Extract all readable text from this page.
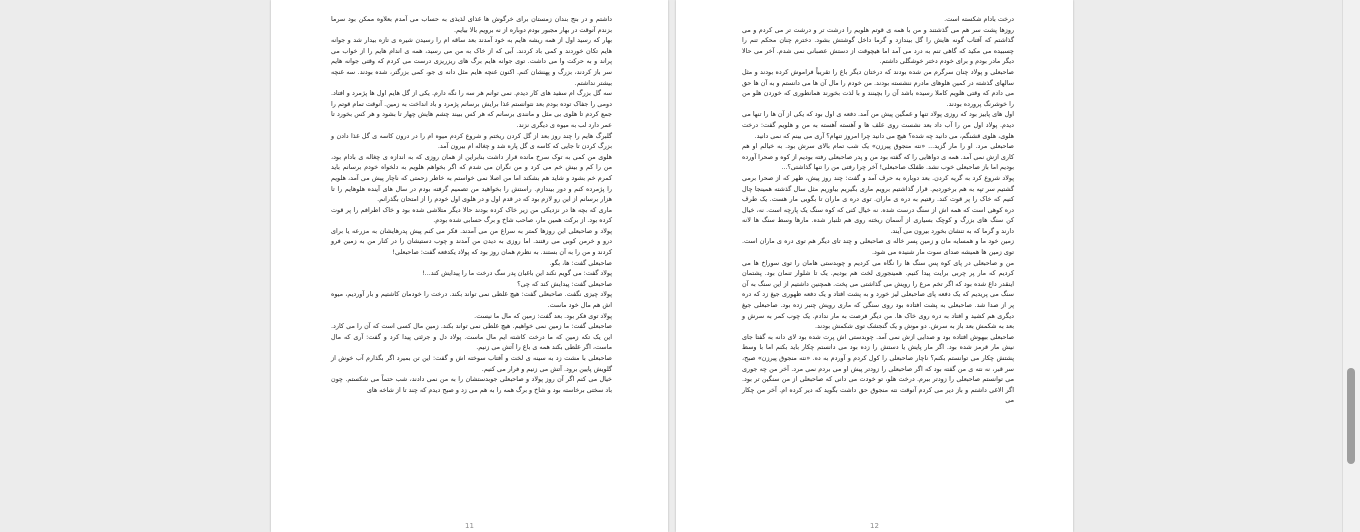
داشتم و در بنج بندان زمستان برای خرگوش ها غذای لذیذی به حساب می آمدم بعلاوه ممکن بود سرما بزندم آنوقت در بهار مجبور بودم دوباره از نه برویم بالا بیایم.
بهار که رسید اول از همه ریشه هایم به خود آمدند بعد ساقه ام را رسیدن شیره ی تازه بیدار شد و جوانه هایم تکان خوردند و کمی باد کردند. آبی که از خاک به من می رسید، همه ی اندام هایم را از خواب می پراند و به حرکت وا می داشت. توی جوانه هایم برگ های ریزریزی درست می کردم که وقتی جوانه هایم سر باز کردند، بزرگ و پهنشان کنم. اکنون غنچه هایم مثل دانه ی جو، کمی بزرگتر، شده بودند. سه غنچه بیشتر نداشتم.
سه گل بزرگ ام سفید های کار دیدم. نمی توانم هر سه را نگه دارم. یکی از گل هایم اول ها پژمرد و افتاد. دومی را جفاک توده بودم بعد نتوانستم غذا برایش برسانم پژمرد و باد انداخت به زمین. آنوقت تمام قوتم را جمع کردم تا هلوی بی مثل و مانندی برسانم که هر کس ببیند چشم هایش چهار تا بشود و هر کس بخورد تا عمر دارد لب به میوه ی دیگری نزند.
گلبرگ هایم را چند روز بعد از گل کردن ریختم و شروع کردم میوه ام را در درون کاسه ی گل غذا دادن و بزرگ کردن تا جایی که کاسه ی گل پاره شد و چغاله ام بیرون آمد.
هلوی من کمی به توک سرخ مانده قرار داشت بنابراین از همان روزی که به اندازه ی چغاله ی بادام بود، من را کم و بیش خم می کرد و من نگران می شدم که اگر بخواهم هلویم به دلخواه خودم برسانم باید کمرم خم بشود و شاید هم بشکند اما من اصلا نمی خواستم به خاطر زحمتی که ناچار پیش می آمد، هلویم را پژمرده کنم و دور بیندازم. راستش را بخواهید من تصمیم گرفته بودم در سال های آینده هلوهایم را تا هزار برسانم از این رو لازم بود که در قدم اول و در هلوی اول خودم را از امتحان بگذرانم.
ماری که بچه ها در نزدیکی من زیر خاک کرده بودند حالا دیگر متلاشی شده بود و خاک اطرافم را پر قوت کرده بود. از برکت همین مار، صاحب شاخ و برگ حسابی شده بودم.
پولاد و صاحبعلی این روزها کمتر به سراغ من می آمدند. فکر می کنم پیش پدرهایشان به مزرعه یا برای درو و خرمن کوبی می رفتند. اما روزی به دیدن من آمدند و چوب دستیشان را در کنار من به زمین فرو کردند و من را به آن بستند. به نظرم همان روز بود که پولاد یکدفعه گفت: صاحبعلی!
صاحبعلی گفت: ها، بگو.
پولاد گفت: می گویم نکند این باغبان پدر سگ درخت ما را پیدایش کند...!
صاحبعلی گفت: پیدایش کند که چی؟
پولاد چیزی نگفت. صاحبعلی گفت: هیچ غلطی نمی تواند بکند. درخت را خودمان کاشتیم و بار آوردیم، میوه اش هم مال خود ماست.
پولاد توی فکر بود. بعد گفت: زمین که مال ما نیست.
صاحبعلی گفت: ما زمین نمی خواهیم. هیچ غلطی نمی تواند بکند. زمین مال کسی است که آن را می کارد. این یک تکه زمین که ما درخت کاشته ایم مال ماست. پولاد دل و جرئتی پیدا کرد و گفت: آری که مال ماست، اگر غلطی بکند همه ی باغ را آتش می زنیم.
صاحبعلی با مشت زد به سینه ی لخت و آفتاب سوخته اش و گفت: این تن بمیرد اگر بگذارم آب خوش از گلویش پایین برود. آتش می زنیم و فرار می کنیم.
خیال می کنم اگر آن روز پولاد و صاحبعلی جوبدستشان را به من نمی دادند، شب حتماً می شکستم. چون باد سختی برخاسته بود و شاخ و برگ همه را به هم می زد و صبح دیدم که چند تا از شاخه های
11
درخت بادام شکسته است.
روزها پشت سر هم می گذشتند و من با همه ی قوتم هلویم را درشت تر و درشت تر می کردم و می گذاشتم که آفتاب گونه هایش را گل بیندازد و گرما داخل گوشتش بشود. دخترم چنان محکم تنم را چسبیده می مکید که گاهی تنم به درد می آمد اما هیچوقت از دستش عصبانی نمی شدم. آخر می حالا دیگر مادر بودم و برای خودم دختر خوشگلی داشتم.
صاحبعلی و پولاد چنان سرگرم من شده بودند که درختان دیگر باغ را تقریباً فراموش کرده بودند و مثل سالهای گذشته در کمین هلوهای مادرم ننشسته بودند. من خودم را مال آن ها می دانستم و به آن ها حق می دادم که وقتی هلویم کاملا رسیده باشد آن را بچینند و با لذت بخورند همانطوری که خوردن هلو من را خوشرنگ پرورده بودند.
اول های پاییز بود که روزی پولاد تنها و غمگین پیش من آمد. دفعه ی اول بود که یکی از آن ها را تنها می دیدم. پولاد اول من را آب داد بعد نشست روی علف ها و آهسته آهسته به من و هلویم گفت: درخت هلوی، هلوی قشنگم، می دانید چه شده؟ هیچ می دانید چرا امروز تنهام؟ آری می بینم که نمی دانید.
صاحبعلی مرد. او را مار گزید... «نته منجوق پیرزن» یک شب تمام بالای سرش بود. به خیالم او هم کاری ازش نمی آمد. همه ی دواهایی را که گفته بود من و پدر صاحبعلی رفته بودیم از کوه و صحرا آورده بودیم اما باز صاحبعلی خوب نشد. طفلک صاحبعلی! آخر چرا رفتی من را تنها گذاشتی؟...
پولاد شروع کرد به گریه کردن. بعد دوباره به حرف آمد و گفت: چند روز پیش، ظهر که از صحرا برمی گشتیم سر تپه به هم برخوردیم. قرار گذاشتیم برویم ماری بگیریم بیاوریم مثل سال گذشته همینجا چال کنیم که خاک را پر قوت کند. رفتیم به دره ی ماران. توی دره ی ماران تا بگویی مار هست. یک طرف دره کوهی است که همه اش از سنگ درست شده. نه خیال کنی که کوه سنگ یک پارچه است. نه، خیال کن سنگ های بزرگ و کوچک بسیاری از آسمان ریخته روی هم تلنبار شده. مارها وسط سنگ ها لانه دارند و گرما که به تنشان بخورد بیرون می آیند.
زمین خود ما و همسایه مان و زمین پسر خاله ی صاحبعلی و چند تای دیگر هم توی دره ی ماران است. توی زمین ها همیشه صدای سوت مار شنیده می شود.
من و صاحبعلی در پای کوه پس سنگ ها را نگاه می کردیم و چوبدستی هامان را توی سوراخ ها می کردیم که مار پر چربی برایت پیدا کنیم. همینجوری لخت هم بودیم. یک تا شلوار تنمان بود. پشتمان اینقدر داغ شده بود که اگر تخم مرغ را رویش می گذاشتی می پخت. همچنین داشتیم از این سنگ به آن سنگ می پریدیم که یک دفعه پای صاحبعلی لیز خورد و به پشت افتاد و یک دفعه ظهوری جیغ زد که دره پر از صدا شد. صاحبعلی به پشت افتاده بود روی سنگی که ماری رویش چنبر زده بود. صاحبعلی جیغ دیگری هم کشید و افتاد به دره روی خاک ها. من دیگر فرصت به مار ندادم. یک چوب کمر به سرش و بعد به شکمش بعد باز به سرش. دو موش و یک گنجشک توی شکمش بودند.
صاحبعلی بیهوش افتاده بود و صدایی ازش نمی آمد. چوبدستی اش پرت شده بود لای دانه به گفتا جای نیش مار قرمز شده بود. اگر مار پایش یا دستش را زده بود می دانستم چکار باید بکنم اما با وسط پشتش چکار می توانستم بکنم؟ ناچار صاحبعلی را کول کردم و آوردم به ده. «نته منجوق پیرزن» صبح، سر قبر، نه نته ی من گفته بود که اگر صاحبعلی را زودتر پیش او می بردم نمی مرد. آخر من چه جوری می توانستم صاحبعلی را زودتر ببرم. درخت هلو، تو خودت می دانی که صاحبعلی از من سنگین تر بود. اگر الاغی داشتم و باز دیر می کردم آنوقت نته منجوق حق داشت بگوید که دیر کرده ام. آخر من چکار می
12
